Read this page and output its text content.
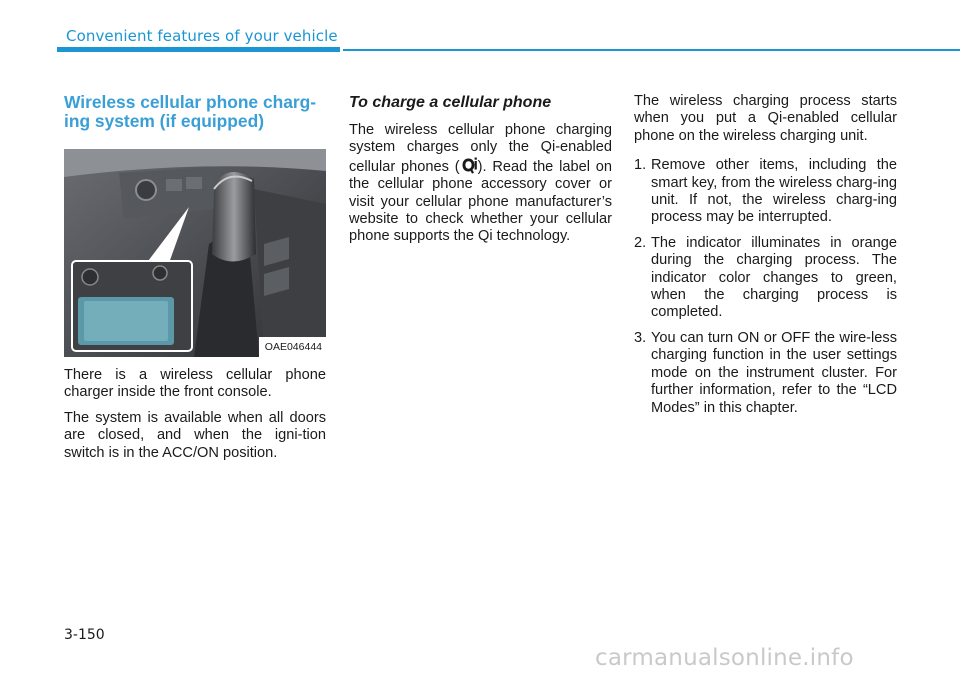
Convenient features of your vehicle
Wireless cellular phone charg-
ing system (if equipped)
OAE046444

There is a wireless cellular phone charger inside the front console.

The system is available when all doors are closed, and when the igni-tion switch is in the ACC/ON position.

To charge a cellular phone

The wireless cellular phone charging system charges only the Qi-enabled cellular phones ( ). Read the label on the cellular phone accessory cover or visit your cellular phone manufacturer’s website to check whether your cellular phone supports the Qi technology.

The wireless charging process starts when you put a Qi-enabled cellular phone on the wireless charging unit.

1. Remove other items, including the smart key, from the wireless charg-ing unit. If not, the wireless charg-ing process may be interrupted.
2. The indicator illuminates in orange during the charging process. The indicator color changes to green, when the charging process is completed.
3. You can turn ON or OFF the wire-less charging function in the user settings mode on the instrument cluster. For further information, refer to the “LCD Modes” in this chapter.
3-150
carmanualsonline.info
